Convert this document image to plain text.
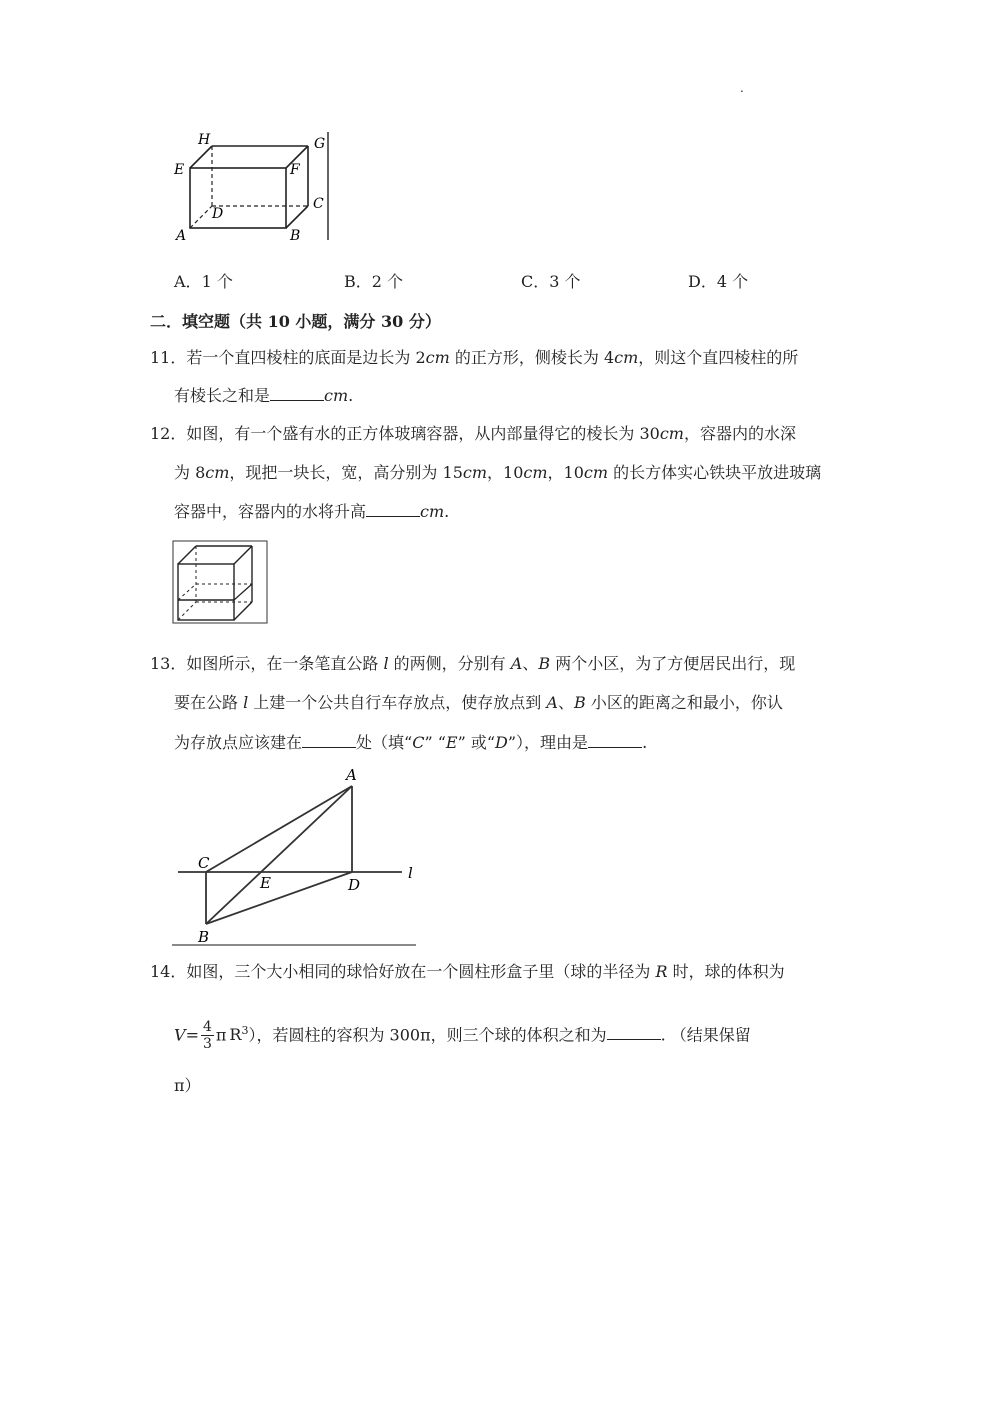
.
H	G
E	F
D
C
A	B
A．1 个	B．2 个	C．3 个	D．4 个
二．填空题（共 10 小题，满分 30 分）
11．若一个直四棱柱的底面是边长为 2cm 的正方形，侧棱长为 4cm，则这个直四棱柱的所
有棱长之和是	cm.
12．如图，有一个盛有水的正方体玻璃容器，从内部量得它的棱长为 30cm，容器内的水深
为 8cm，现把一块长，宽，高分别为 15cm，10cm，10cm 的长方体实心铁块平放进玻璃
容器中，容器内的水将升高	cm.
13．如图所示，在一条笔直公路 l 的两侧，分别有 A、B 两个小区，为了方便居民出行，现
要在公路 l 上建一个公共自行车存放点，使存放点到 A、B 小区的距离之和最小，你认
为存放点应该建在	处（填“C” “E” 或“D”），理由是	.
A
C
E	D
l
B
14．如图，三个大小相同的球恰好放在一个圆柱形盒子里（球的半径为 R 时，球的体积为
$V= \frac{4}{3}$ π $R^3$），若圆柱的容积为 300π，则三个球的体积之和为	. （结果保留
π）
